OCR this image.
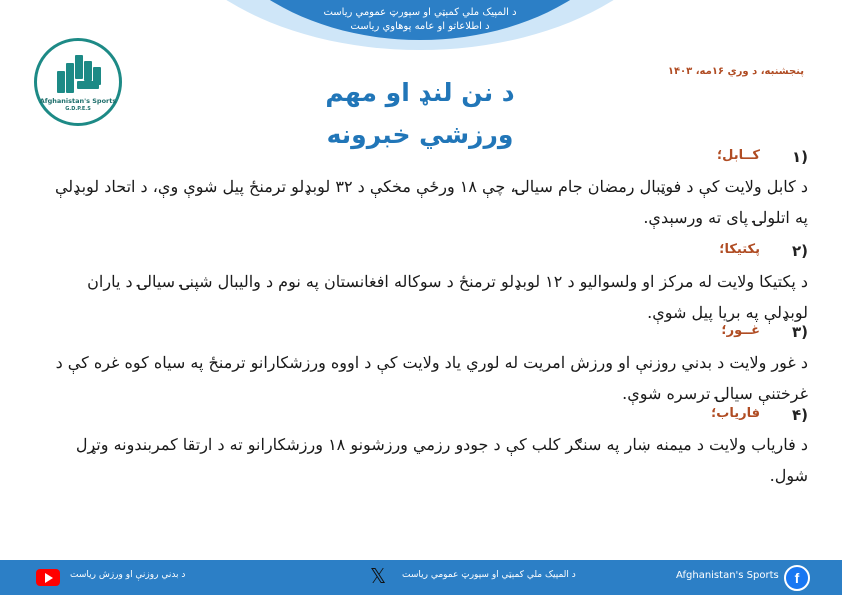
د المپیک ملي کمېټي او سپورټ عمومي ریاست
د اطلاعاتو او عامه پوهاوي ریاست
Afghanistan's Sports
G.D.P.E.S
پنجشنبه، د وري ۱۶مه، ۱۴۰۳
د نن لنډ او مهم
ورزشي خبرونه
۱)
کــابل؛
د کابل ولایت کې د فوټبال رمضان جام سیالۍ، چې ۱۸ ورځې مخکې د ۳۲ لوبډلو ترمنځ پیل شوې وې، د اتحاد لوبډلې په اتلولۍ پای ته ورسېدې.
۲)
پکتیکا؛
د پکتیکا ولایت له مرکز او ولسوالیو د ۱۲ لوبډلو ترمنځ د سوکاله افغانستان په نوم د والیبال شپنۍ سیالۍ د یاران لوبډلې په بریا پیل شوې.
۳)
غــور؛
د غور ولایت د بدني روزنې او ورزش امریت له لوري یاد ولایت کې د اووه ورزشکارانو ترمنځ په سیاه کوه غره کې د غرختنې سیالۍ ترسره شوې.
۴)
فاریاب؛
د فاریاب ولایت د میمنه ښار په سنګر کلب کې د جودو رزمي ورزشونو ۱۸ ورزشکارانو ته د ارتقا کمربندونه وتړل شول.
f
Afghanistan's Sports
د المپیک ملي کمېټي او سپورټ عمومي ریاست
𝕏
د بدني روزنې او ورزش ریاست
